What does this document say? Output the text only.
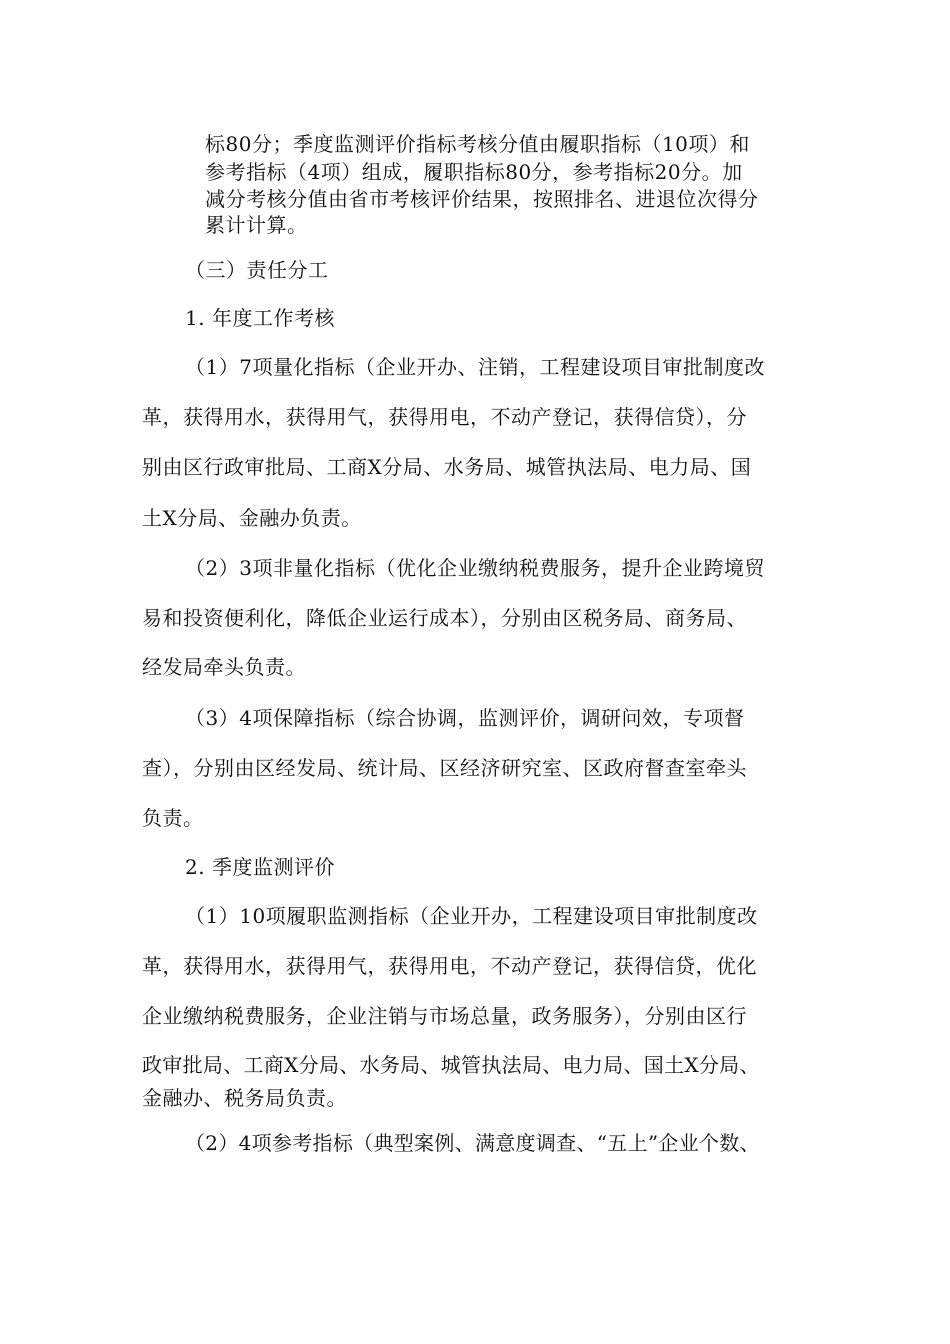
标80分；季度监测评价指标考核分值由履职指标（10项）和
参考指标（4项）组成，履职指标80分，参考指标20分。加
减分考核分值由省市考核评价结果，按照排名、进退位次得分
累计计算。
（三）责任分工
1. 年度工作考核
（1）7项量化指标（企业开办、注销，工程建设项目审批制度改
革，获得用水，获得用气，获得用电，不动产登记，获得信贷），分
别由区行政审批局、工商X分局、水务局、城管执法局、电力局、国
土X分局、金融办负责。
（2）3项非量化指标（优化企业缴纳税费服务，提升企业跨境贸
易和投资便利化，降低企业运行成本），分别由区税务局、商务局、
经发局牵头负责。
（3）4项保障指标（综合协调，监测评价，调研问效，专项督
查），分别由区经发局、统计局、区经济研究室、区政府督查室牵头
负责。
2. 季度监测评价
（1）10项履职监测指标（企业开办，工程建设项目审批制度改
革，获得用水，获得用气，获得用电，不动产登记，获得信贷，优化
企业缴纳税费服务，企业注销与市场总量，政务服务），分别由区行
政审批局、工商X分局、水务局、城管执法局、电力局、国土X分局、
金融办、税务局负责。
（2）4项参考指标（典型案例、满意度调查、“五上”企业个数、
